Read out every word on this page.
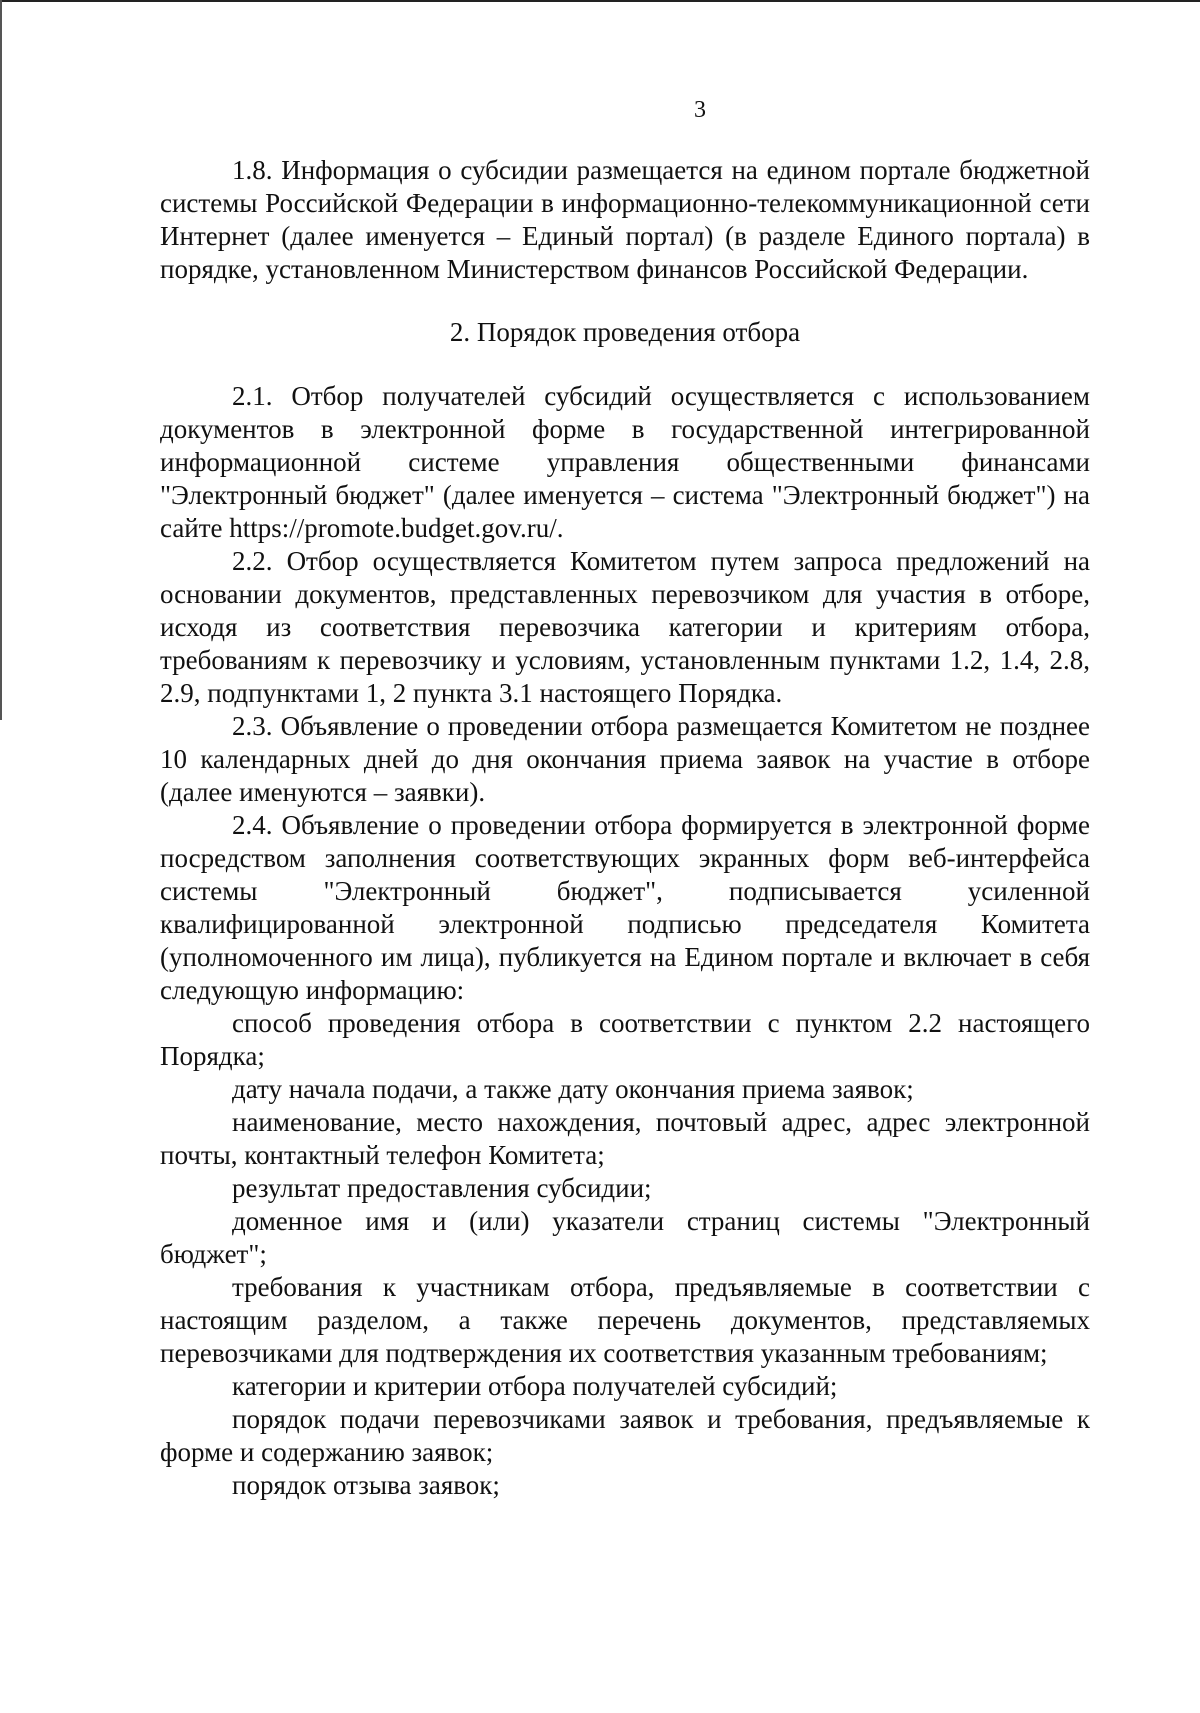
3

1.8. Информация о субсидии размещается на едином портале бюджетной системы Российской Федерации в информационно-телекоммуникационной сети Интернет (далее именуется – Единый портал) (в разделе Единого портала) в порядке, установленном Министерством финансов Российской Федерации.

2. Порядок проведения отбора

2.1. Отбор получателей субсидий осуществляется с использованием документов в электронной форме в государственной интегрированной информационной системе управления общественными финансами "Электронный бюджет" (далее именуется – система "Электронный бюджет") на сайте https://promote.budget.gov.ru/.

2.2. Отбор осуществляется Комитетом путем запроса предложений на основании документов, представленных перевозчиком для участия в отборе, исходя из соответствия перевозчика категории и критериям отбора, требованиям к перевозчику и условиям, установленным пунктами 1.2, 1.4, 2.8, 2.9, подпунктами 1, 2 пункта 3.1 настоящего Порядка.

2.3. Объявление о проведении отбора размещается Комитетом не позднее 10 календарных дней до дня окончания приема заявок на участие в отборе (далее именуются – заявки).

2.4. Объявление о проведении отбора формируется в электронной форме посредством заполнения соответствующих экранных форм веб-интерфейса системы "Электронный бюджет", подписывается усиленной квалифицированной электронной подписью председателя Комитета (уполномоченного им лица), публикуется на Едином портале и включает в себя следующую информацию:

способ проведения отбора в соответствии с пунктом 2.2 настоящего Порядка;

дату начала подачи, а также дату окончания приема заявок;

наименование, место нахождения, почтовый адрес, адрес электронной почты, контактный телефон Комитета;

результат предоставления субсидии;

доменное имя и (или) указатели страниц системы "Электронный бюджет";

требования к участникам отбора, предъявляемые в соответствии с настоящим разделом, а также перечень документов, представляемых перевозчиками для подтверждения их соответствия указанным требованиям;

категории и критерии отбора получателей субсидий;

порядок подачи перевозчиками заявок и требования, предъявляемые к форме и содержанию заявок;

порядок отзыва заявок;
